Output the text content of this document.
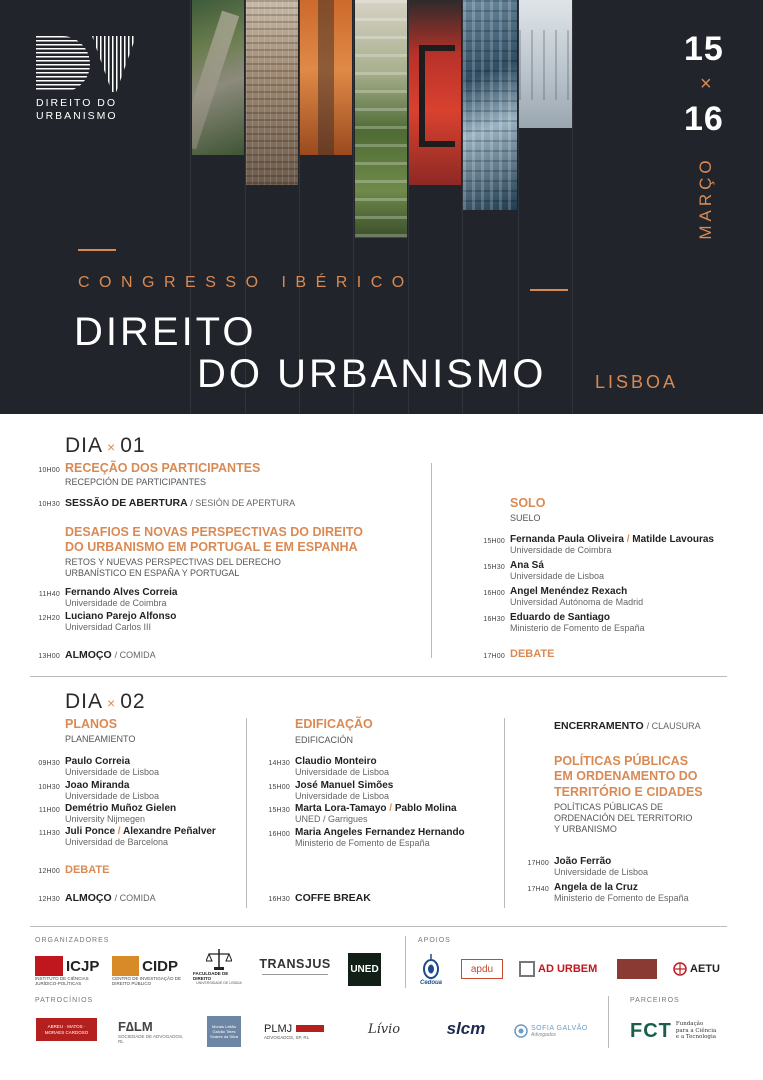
DIREITO DO
URBANISMO
15
×
16
MARÇO
CONGRESSO IBÉRICO
DIREITO
DO URBANISMO	LISBOA
DIA × 01
10H00 RECEÇÃO DOS PARTICIPANTES
RECEPCIÓN DE PARTICIPANTES
10H30 SESSÃO DE ABERTURA / SESIÓN DE APERTURA
DESAFIOS E NOVAS PERSPECTIVAS DO DIREITO
DO URBANISMO EM PORTUGAL E EM ESPANHA
RETOS Y NUEVAS PERSPECTIVAS DEL DERECHO
URBANÍSTICO EN ESPAÑA Y PORTUGAL
11H40 Fernando Alves Correia
Universidade de Coimbra
12H20 Luciano Parejo Alfonso
Universidad Carlos III
13H00 ALMOÇO / COMIDA
SOLO
SUELO
15H00 Fernanda Paula Oliveira / Matilde Lavouras
Universidade de Coimbra
15H30 Ana Sá
Universidade de Lisboa
16H00 Angel Menéndez Rexach
Universidad Autónoma de Madrid
16H30 Eduardo de Santiago
Ministerio de Fomento de España
17H00 DEBATE
DIA × 02
PLANOS
PLANEAMIENTO
09H30 Paulo Correia
Universidade de Lisboa
10H30 Joao Miranda
Universidade de Lisboa
11H00 Demétrio Muñoz Gielen
University Nijmegen
11H30 Juli Ponce / Alexandre Peñalver
Universidad de Barcelona
12H00 DEBATE
12H30 ALMOÇO / COMIDA
EDIFICAÇÃO
EDIFICACIÓN
14H30 Claudio Monteiro
Universidade de Lisboa
15H00 José Manuel Simões
Universidade de Lisboa
15H30 Marta Lora-Tamayo / Pablo Molina
UNED / Garrigues
16H00 Maria Angeles Fernandez Hernando
Ministerio de Fomento de España
16H30 COFFE BREAK
ENCERRAMENTO / CLAUSURA
POLÍTICAS PÚBLICAS
EM ORDENAMENTO DO
TERRITÓRIO E CIDADES
POLÍTICAS PÚBLICAS DE
ORDENACIÓN DEL TERRITORIO
Y URBANISMO
17H00 João Ferrão
Universidade de Lisboa
17H40 Angela de la Cruz
Ministerio de Fomento de España
ORGANIZADORES	APOIOS
ICJP
INSTITUTO DE CIÊNCIAS JURÍDICO-POLÍTICAS
CIDP
CENTRO DE INVESTIGAÇÃO DE DIREITO PÚBLICO
FACULDADE DE DIREITO
UNIVERSIDADE DE LISBOA
TRANSJUS UNED
Cedoua
apdu	AD URBEM	AETU
PATROCÍNIOS	PARCEIROS
ABREU · MATOS · MORAES CARDOSO	F∆LM
SOCIEDADE DE ADVOGADOS, RL
Morais Leitão Galvão Teles Soares da Silva
PLMJ
ADVOGADOS, SP, RL
Lívio	slcm	SOFIA GALVÃO
Advogados	FCT Fundação
para a Ciência
e a Tecnologia
